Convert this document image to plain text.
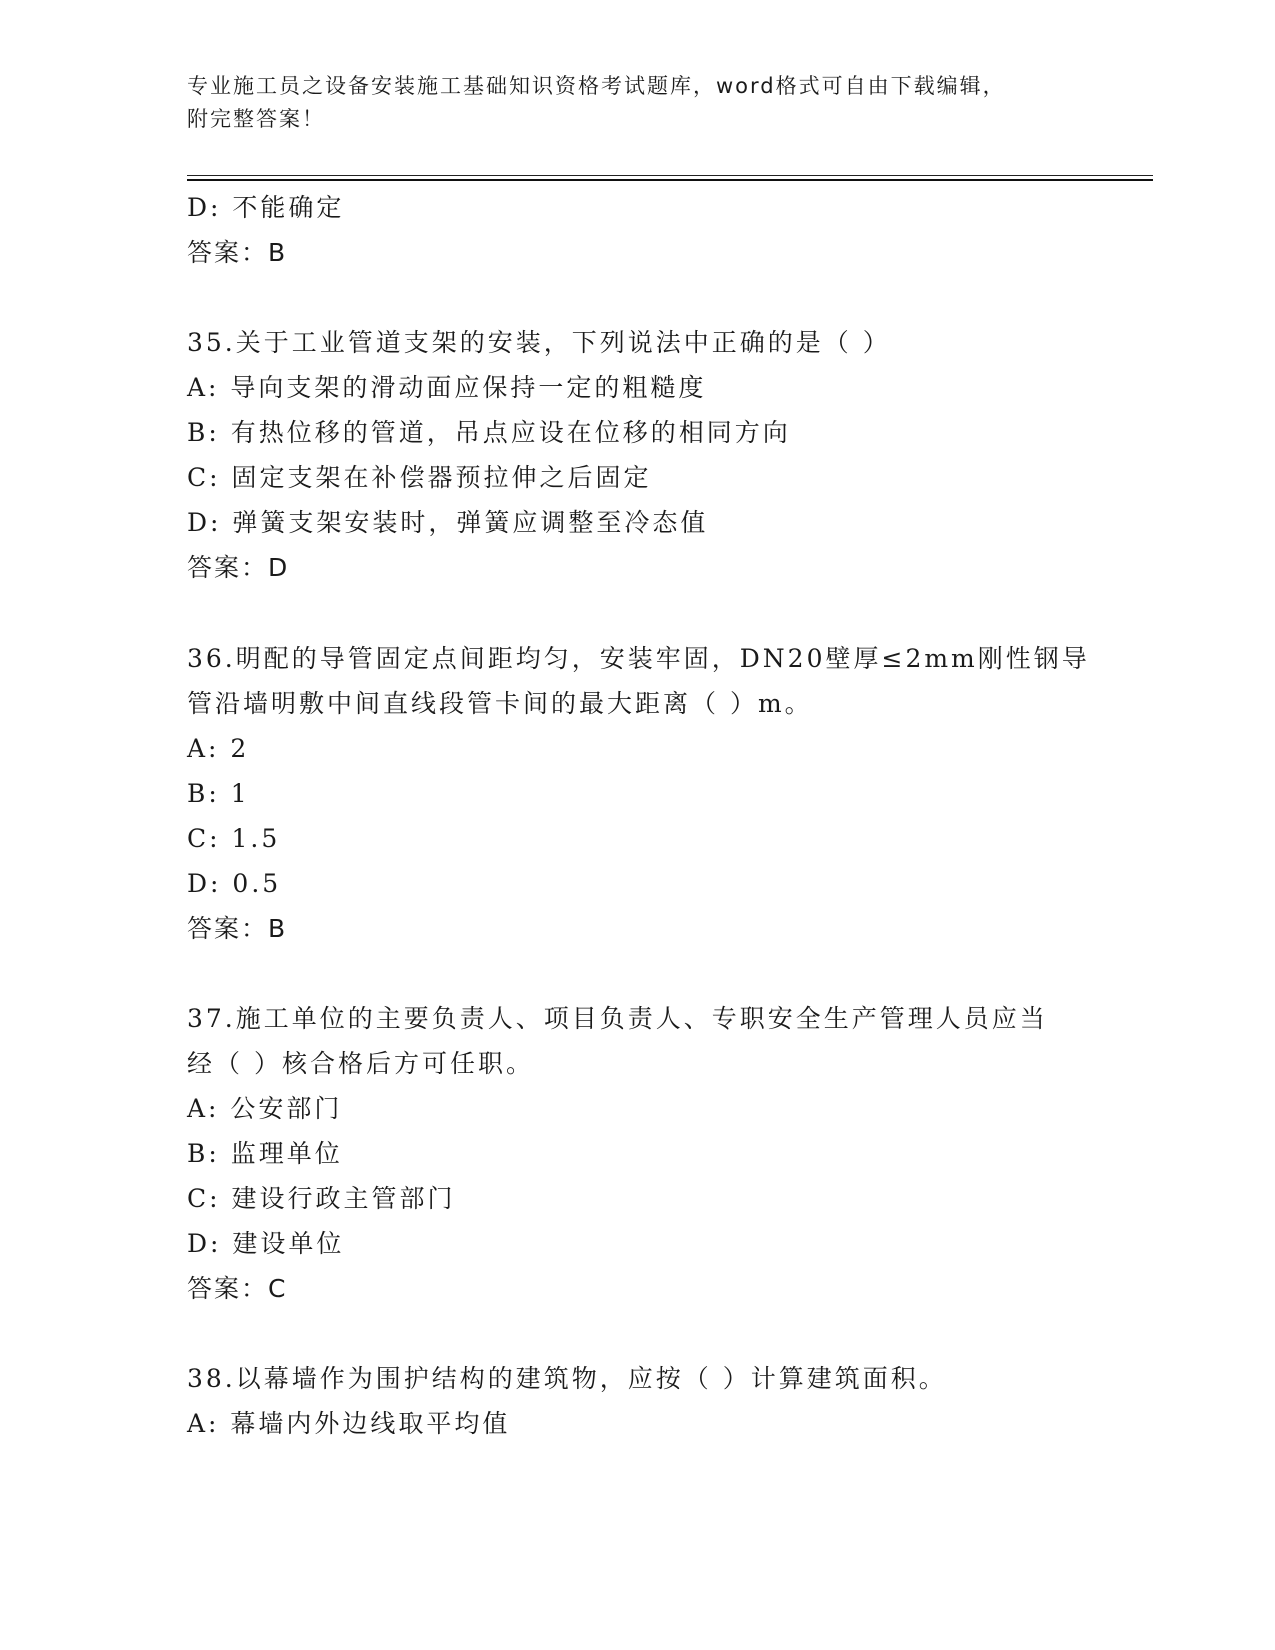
专业施工员之设备安装施工基础知识资格考试题库，word格式可自由下载编辑，
附完整答案！
D: 不能确定
答案：B
35.关于工业管道支架的安装，下列说法中正确的是（ ）
A: 导向支架的滑动面应保持一定的粗糙度
B: 有热位移的管道，吊点应设在位移的相同方向
C: 固定支架在补偿器预拉伸之后固定
D: 弹簧支架安装时，弹簧应调整至冷态值
答案：D
36.明配的导管固定点间距均匀，安装牢固，DN20壁厚≤2mm刚性钢导
管沿墙明敷中间直线段管卡间的最大距离（ ）m。
A: 2
B: 1
C: 1.5
D: 0.5
答案：B
37.施工单位的主要负责人、项目负责人、专职安全生产管理人员应当
经（ ）核合格后方可任职。
A: 公安部门
B: 监理单位
C: 建设行政主管部门
D: 建设单位
答案：C
38.以幕墙作为围护结构的建筑物，应按（ ）计算建筑面积。
A: 幕墙内外边线取平均值
